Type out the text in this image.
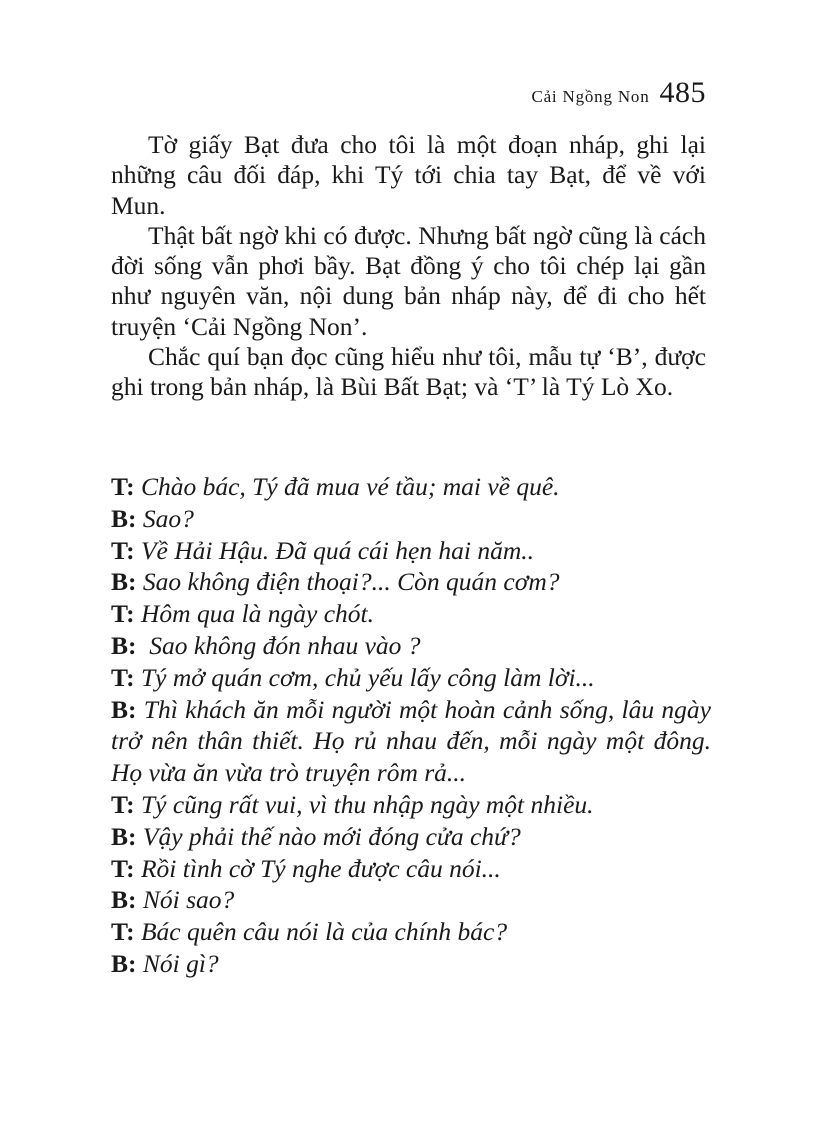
Cải Ngồng Non 485

Tờ giấy Bạt đưa cho tôi là một đoạn nháp, ghi lại những câu đối đáp, khi Tý tới chia tay Bạt, để về với Mun.

Thật bất ngờ khi có được. Nhưng bất ngờ cũng là cách đời sống vẫn phơi bầy. Bạt đồng ý cho tôi chép lại gần như nguyên văn, nội dung bản nháp này, để đi cho hết truyện ‘Cải Ngồng Non’.

Chắc quí bạn đọc cũng hiểu như tôi, mẫu tự ‘B’, được ghi trong bản nháp, là Bùi Bất Bạt; và ‘T’ là Tý Lò Xo.

T: Chào bác, Tý đã mua vé tầu; mai về quê.

B: Sao?

T: Về Hải Hậu. Đã quá cái hẹn hai năm..

B: Sao không điện thoại?... Còn quán cơm?

T: Hôm qua là ngày chót.

B:  Sao không đón nhau vào ?

T: Tý mở quán cơm, chủ yếu lấy công làm lời...

B: Thì khách ăn mỗi người một hoàn cảnh sống, lâu ngày trở nên thân thiết. Họ rủ nhau đến, mỗi ngày một đông. Họ vừa ăn vừa trò truyện rôm rả...

T: Tý cũng rất vui, vì thu nhập ngày một nhiều.

B: Vậy phải thế nào mới đóng cửa chứ?

T: Rồi tình cờ Tý nghe được câu nói...

B: Nói sao?

T: Bác quên câu nói là của chính bác?

B: Nói gì?
